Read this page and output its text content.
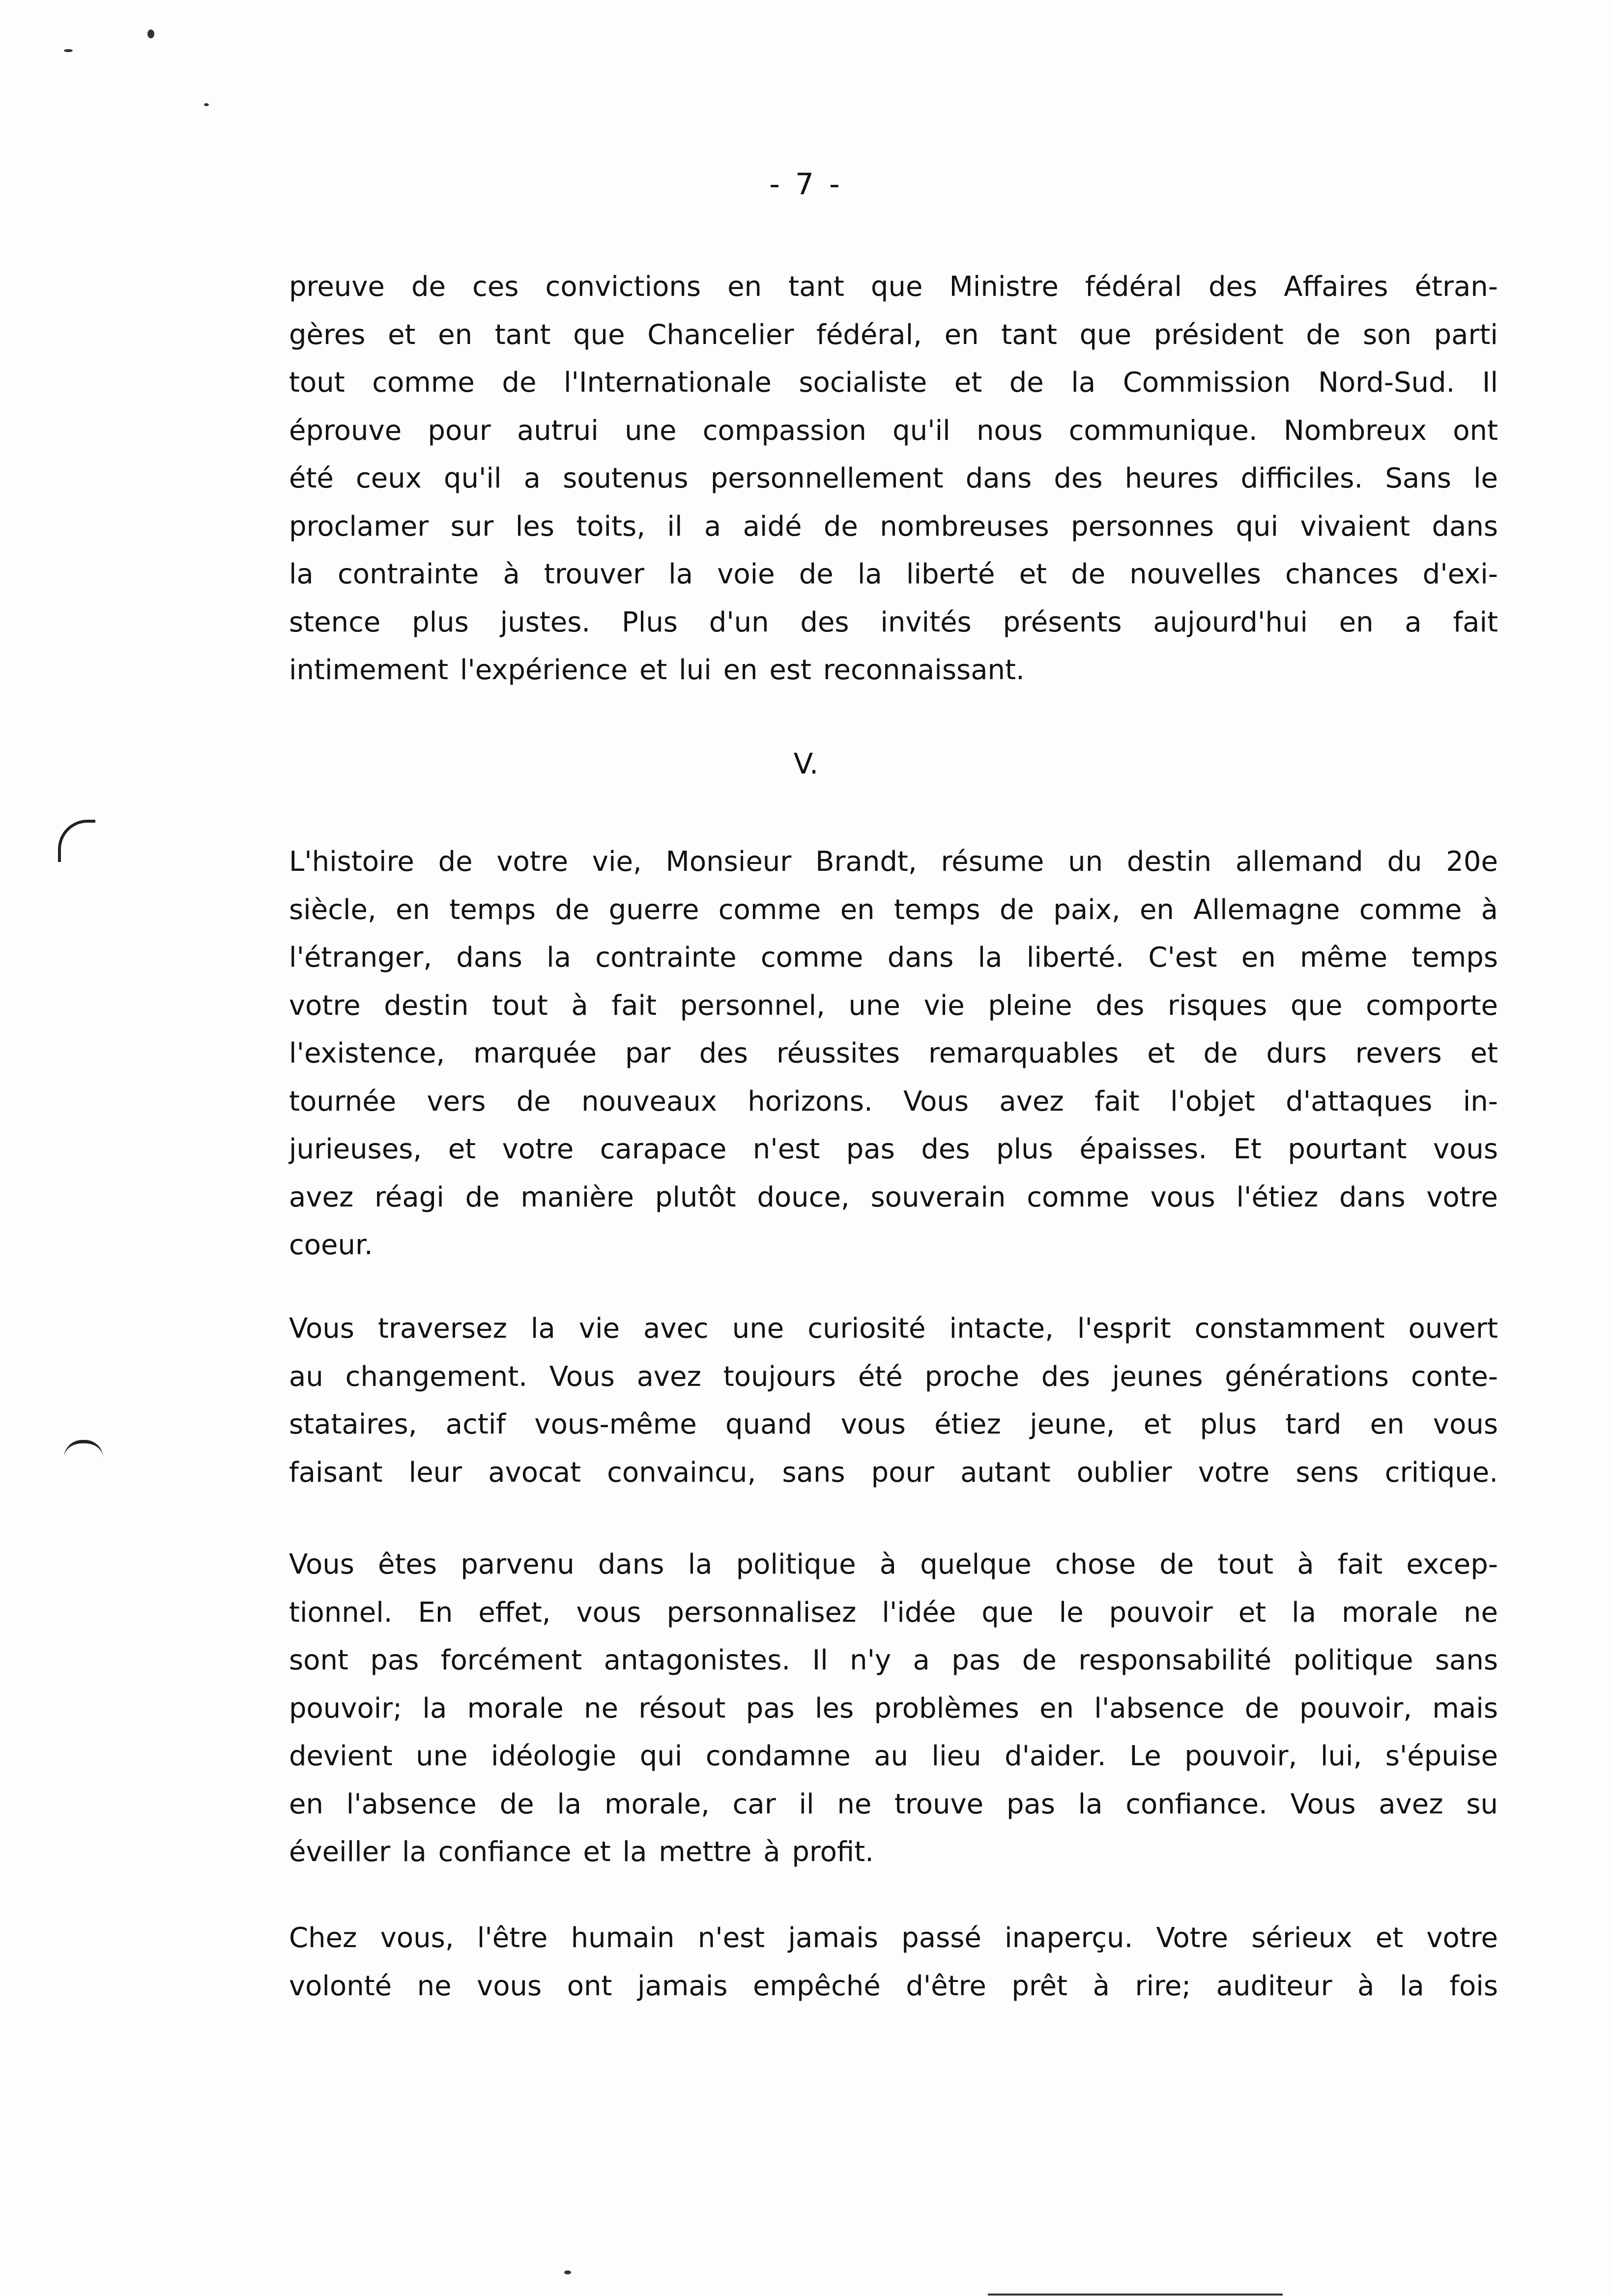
- 7 -
preuve de ces convictions en tant que Ministre fédéral des Affaires étran-
gères et en tant que Chancelier fédéral, en tant que président de son parti
tout comme de l'Internationale socialiste et de la Commission Nord-Sud. Il
éprouve pour autrui une compassion qu'il nous communique. Nombreux ont
été ceux qu'il a soutenus personnellement dans des heures difficiles. Sans le
proclamer sur les toits, il a aidé de nombreuses personnes qui vivaient dans
la contrainte à trouver la voie de la liberté et de nouvelles chances d'exi-
stence plus justes. Plus d'un des invités présents aujourd'hui en a fait
intimement l'expérience et lui en est reconnaissant.
V.
L'histoire de votre vie, Monsieur Brandt, résume un destin allemand du 20e
siècle, en temps de guerre comme en temps de paix, en Allemagne comme à
l'étranger, dans la contrainte comme dans la liberté. C'est en même temps
votre destin tout à fait personnel, une vie pleine des risques que comporte
l'existence, marquée par des réussites remarquables et de durs revers et
tournée vers de nouveaux horizons. Vous avez fait l'objet d'attaques in-
jurieuses, et votre carapace n'est pas des plus épaisses. Et pourtant vous
avez réagi de manière plutôt douce, souverain comme vous l'étiez dans votre
coeur.
Vous traversez la vie avec une curiosité intacte, l'esprit constamment ouvert
au changement. Vous avez toujours été proche des jeunes générations conte-
stataires, actif vous-même quand vous étiez jeune, et plus tard en vous
faisant leur avocat convaincu, sans pour autant oublier votre sens critique.
Vous êtes parvenu dans la politique à quelque chose de tout à fait excep-
tionnel. En effet, vous personnalisez l'idée que le pouvoir et la morale ne
sont pas forcément antagonistes. Il n'y a pas de responsabilité politique sans
pouvoir; la morale ne résout pas les problèmes en l'absence de pouvoir, mais
devient une idéologie qui condamne au lieu d'aider. Le pouvoir, lui, s'épuise
en l'absence de la morale, car il ne trouve pas la confiance. Vous avez su
éveiller la confiance et la mettre à profit.
Chez vous, l'être humain n'est jamais passé inaperçu. Votre sérieux et votre
volonté ne vous ont jamais empêché d'être prêt à rire; auditeur à la fois
